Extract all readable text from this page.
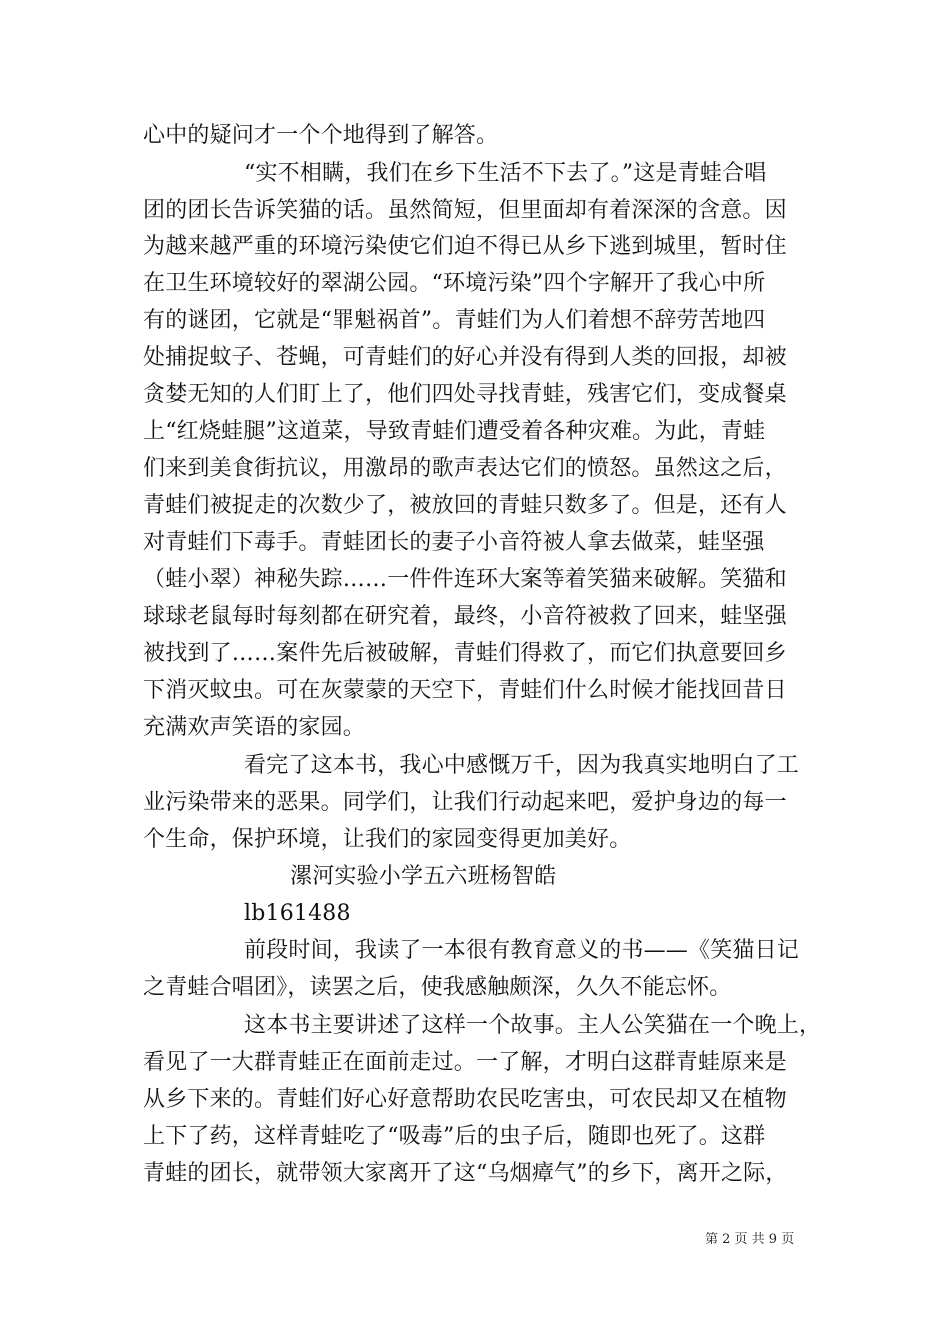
心中的疑问才一个个地得到了解答。
“实不相瞒，我们在乡下生活不下去了。”这是青蛙合唱
团的团长告诉笑猫的话。虽然简短，但里面却有着深深的含意。因
为越来越严重的环境污染使它们迫不得已从乡下逃到城里，暂时住
在卫生环境较好的翠湖公园。“环境污染”四个字解开了我心中所
有的谜团，它就是“罪魁祸首”。青蛙们为人们着想不辞劳苦地四
处捕捉蚊子、苍蝇，可青蛙们的好心并没有得到人类的回报，却被
贪婪无知的人们盯上了，他们四处寻找青蛙，残害它们，变成餐桌
上“红烧蛙腿”这道菜，导致青蛙们遭受着各种灾难。为此，青蛙
们来到美食街抗议，用激昂的歌声表达它们的愤怒。虽然这之后，
青蛙们被捉走的次数少了，被放回的青蛙只数多了。但是，还有人
对青蛙们下毒手。青蛙团长的妻子小音符被人拿去做菜，蛙坚强
（蛙小翠）神秘失踪……一件件连环大案等着笑猫来破解。笑猫和
球球老鼠每时每刻都在研究着，最终，小音符被救了回来，蛙坚强
被找到了……案件先后被破解，青蛙们得救了，而它们执意要回乡
下消灭蚊虫。可在灰蒙蒙的天空下，青蛙们什么时候才能找回昔日
充满欢声笑语的家园。
看完了这本书，我心中感慨万千，因为我真实地明白了工
业污染带来的恶果。同学们，让我们行动起来吧，爱护身边的每一
个生命，保护环境，让我们的家园变得更加美好。
漯河实验小学五六班杨智皓
lb161488
前段时间，我读了一本很有教育意义的书——《笑猫日记
之青蛙合唱团》，读罢之后，使我感触颇深，久久不能忘怀。
这本书主要讲述了这样一个故事。主人公笑猫在一个晚上，
看见了一大群青蛙正在面前走过。一了解，才明白这群青蛙原来是
从乡下来的。青蛙们好心好意帮助农民吃害虫，可农民却又在植物
上下了药，这样青蛙吃了“吸毒”后的虫子后，随即也死了。这群
青蛙的团长，就带领大家离开了这“乌烟瘴气”的乡下，离开之际，
第 2 页 共 9 页
